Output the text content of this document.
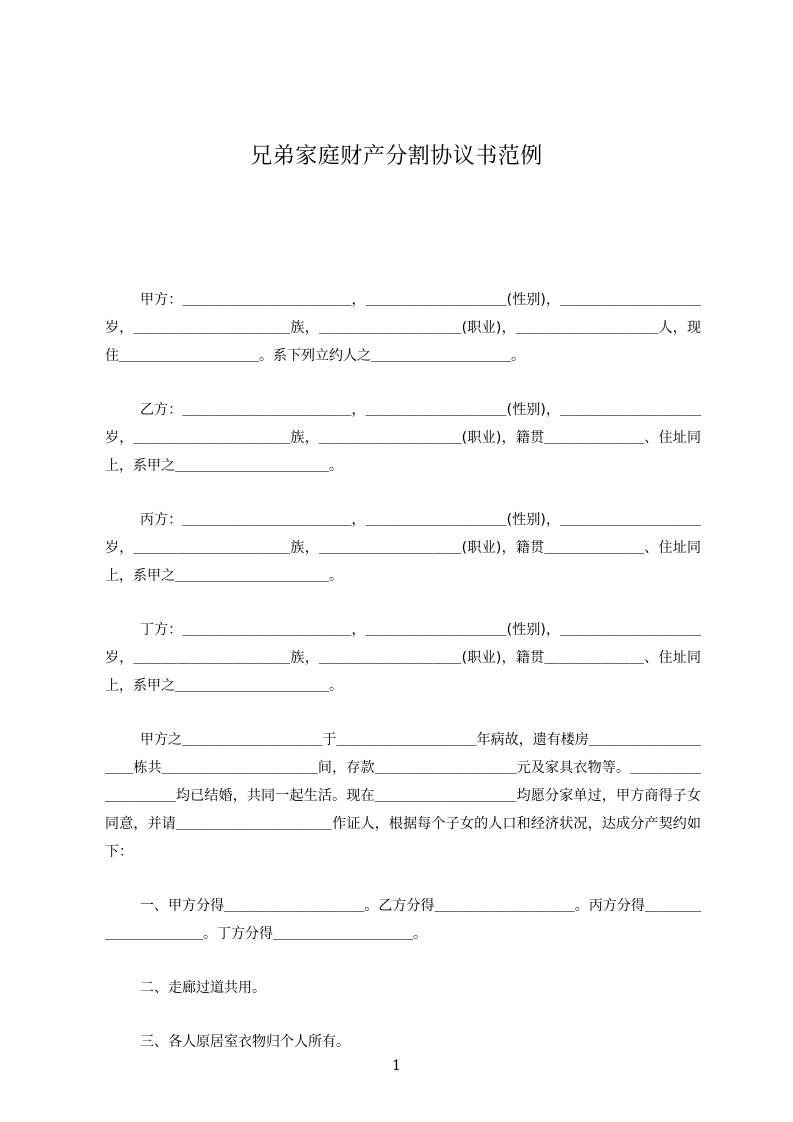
兄弟家庭财产分割协议书范例

甲方：＿＿＿＿＿＿＿＿＿＿＿＿，＿＿＿＿＿＿＿＿＿＿(性别)，＿＿＿＿＿＿＿＿＿＿岁，＿＿＿＿＿＿＿＿＿＿＿族，＿＿＿＿＿＿＿＿＿＿(职业)，＿＿＿＿＿＿＿＿＿＿人，现住＿＿＿＿＿＿＿＿＿＿。系下列立约人之＿＿＿＿＿＿＿＿＿＿。

乙方：＿＿＿＿＿＿＿＿＿＿＿＿，＿＿＿＿＿＿＿＿＿＿(性别)，＿＿＿＿＿＿＿＿＿＿岁，＿＿＿＿＿＿＿＿＿＿＿族，＿＿＿＿＿＿＿＿＿＿(职业)，籍贯＿＿＿＿＿＿＿、住址同上，系甲之＿＿＿＿＿＿＿＿＿＿＿。

丙方：＿＿＿＿＿＿＿＿＿＿＿＿，＿＿＿＿＿＿＿＿＿＿(性别)，＿＿＿＿＿＿＿＿＿＿岁，＿＿＿＿＿＿＿＿＿＿＿族，＿＿＿＿＿＿＿＿＿＿(职业)，籍贯＿＿＿＿＿＿＿、住址同上，系甲之＿＿＿＿＿＿＿＿＿＿＿。

丁方：＿＿＿＿＿＿＿＿＿＿＿＿，＿＿＿＿＿＿＿＿＿＿(性别)，＿＿＿＿＿＿＿＿＿＿岁，＿＿＿＿＿＿＿＿＿＿＿族，＿＿＿＿＿＿＿＿＿＿(职业)，籍贯＿＿＿＿＿＿＿、住址同上，系甲之＿＿＿＿＿＿＿＿＿＿＿。

甲方之＿＿＿＿＿＿＿＿＿＿于＿＿＿＿＿＿＿＿＿＿年病故，遗有楼房＿＿＿＿＿＿＿＿＿＿栋共＿＿＿＿＿＿＿＿＿＿＿间，存款＿＿＿＿＿＿＿＿＿＿元及家具衣物等。＿＿＿＿＿＿＿＿＿＿均已结婚，共同一起生活。现在＿＿＿＿＿＿＿＿＿＿均愿分家单过，甲方商得子女同意，并请＿＿＿＿＿＿＿＿＿＿＿作证人，根据每个子女的人口和经济状况，达成分产契约如下：

一、甲方分得＿＿＿＿＿＿＿＿＿＿。乙方分得＿＿＿＿＿＿＿＿＿＿。丙方分得＿＿＿＿＿＿＿＿＿＿＿。丁方分得＿＿＿＿＿＿＿＿＿＿。

二、走廊过道共用。

三、各人原居室衣物归个人所有。

1
